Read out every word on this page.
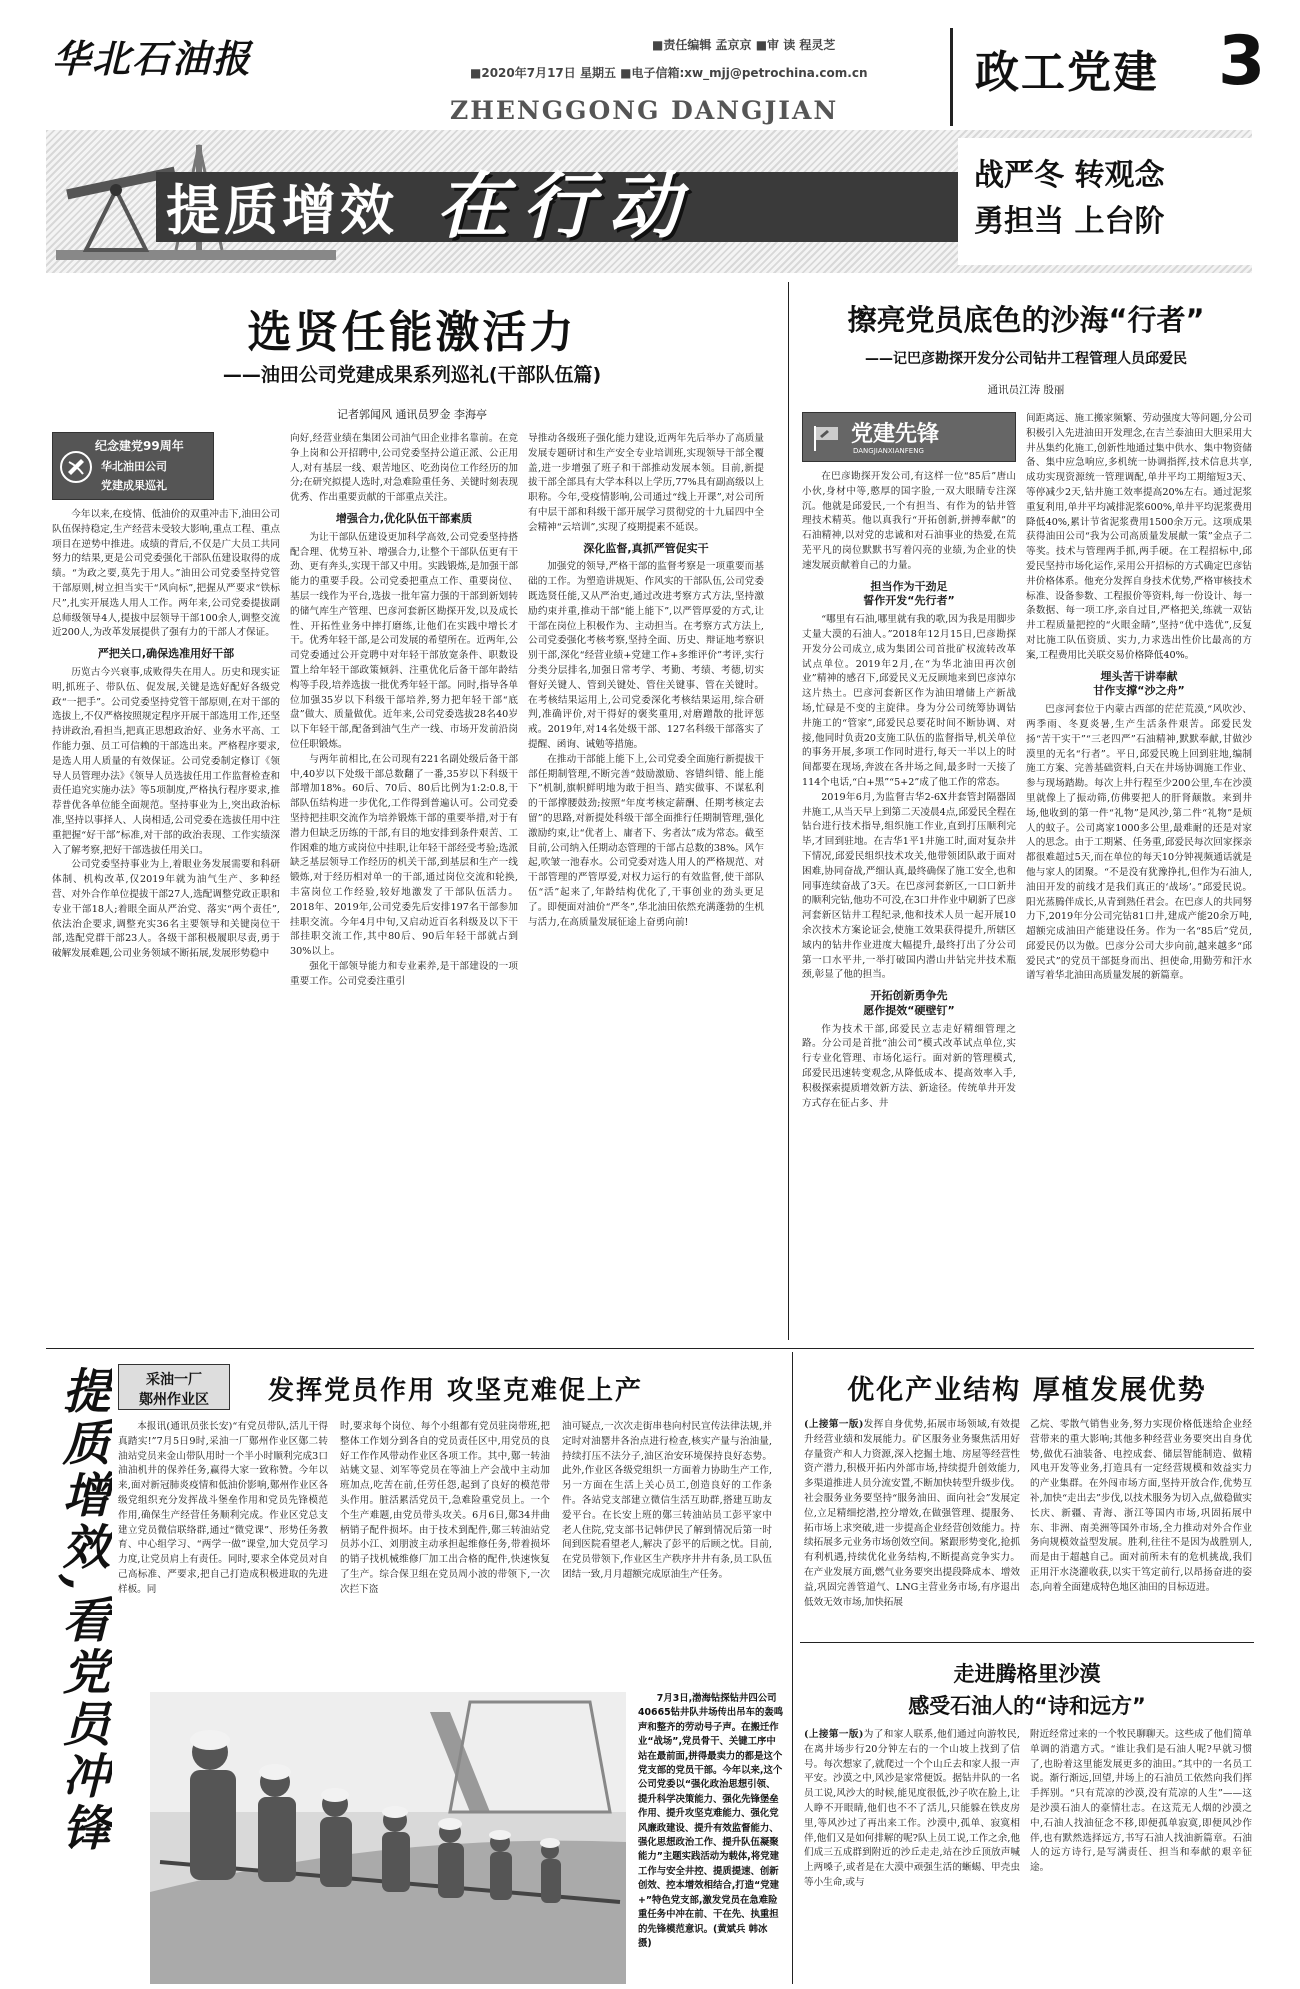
华北石油报	■责任编辑 孟京京 ■审 读 程灵芝
■2020年7月17日 星期五 ■电子信箱:xw_mjj@petrochina.com.cn
ZHENGGONG DANGJIAN
政工党建 3
提质增效 在行动	战严冬 转观念
勇担当 上台阶
选贤任能激活力
——油田公司党建成果系列巡礼(干部队伍篇)
记者郭闻风 通讯员罗金 李海亭
纪念建党99周年
华北油田公司
党建成果巡礼

今年以来,在疫情、低油价的双重冲击下,油田公司队伍保持稳定,生产经营未受较大影响,重点工程、重点项目在逆势中推进。成绩的背后,不仅是广大员工共同努力的结果,更是公司党委强化干部队伍建设取得的成绩。“为政之要,莫先于用人。”油田公司党委坚持党管干部原则,树立担当实干“风向标”,把握从严要求“铁标尺”,扎实开展选人用人工作。两年来,公司党委提拔副总师级领导4人,提拔中层领导干部100余人,调整交流近200人,为改革发展提供了强有力的干部人才保证。

严把关口,确保选准用好干部

历览古今兴衰事,成败得失在用人。历史和现实证明,抓班子、带队伍、促发展,关键是选好配好各级党政“一把手”。公司党委坚持党管干部原则,在对干部的选拔上,不仅严格按照规定程序开展干部选用工作,还坚持讲政治,看担当,把真正思想政治好、业务水平高、工作能力强、员工可信赖的干部选出来。严格程序要求,是选人用人质量的有效保证。公司党委制定修订《领导人员管理办法》《领导人员选拔任用工作监督检查和责任追究实施办法》等5项制度,严格执行程序要求,推荐普优各单位能全面规范。坚持事业为上,突出政治标准,坚持以事择人、人岗相适,公司党委在选拔任用中注重把握“好干部”标准,对干部的政治表现、工作实绩深入了解考察,把好干部选拔任用关口。

公司党委坚持事业为上,着眼业务发展需要和科研体制、机构改革,仅2019年就为油气生产、多种经营、对外合作单位提拔干部27人,选配调整党政正职和专业干部18人;着眼全面从严治党、落实“两个责任”,依法治企要求,调整充实36名主要领导和关键岗位干部,选配党群干部23人。各级干部积极履职尽责,勇于破解发展难题,公司业务领域不断拓展,发展形势稳中

向好,经营业绩在集团公司油气田企业排名靠前。在竞争上岗和公开招聘中,公司党委坚持公道正派、公正用人,对有基层一线、艰苦地区、吃劲岗位工作经历的加分;在研究拟提人选时,对急难险重任务、关键时刻表现优秀、作出重要贡献的干部重点关注。

增强合力,优化队伍干部素质

为让干部队伍建设更加科学高效,公司党委坚持搭配合理、优势互补、增强合力,让整个干部队伍更有干劲、更有奔头,实现干部又中用。实践锻炼,是加强干部能力的重要手段。公司党委把重点工作、重要岗位、基层一线作为平台,选拔一批年富力强的干部到新划转的储气库生产管理、巴彦河套新区勘探开发,以及成长性、开拓性业务中摔打磨练,让他们在实践中增长才干。优秀年轻干部,是公司发展的希望所在。近两年,公司党委通过公开竞聘中对年轻干部放宽条件、职数设置上给年轻干部政策倾斜、注重优化后备干部年龄结构等手段,培养选拔一批优秀年轻干部。同时,指导各单位加强35岁以下科级干部培养,努力把年轻干部“底盘”做大、质量做优。近年来,公司党委选拔28名40岁以下年轻干部,配备到油气生产一线、市场开发前沿岗位任职锻炼。

与两年前相比,在公司现有221名副处级后备干部中,40岁以下处级干部总数翻了一番,35岁以下科级干部增加18%。60后、70后、80后比例为1:2:0.8,干部队伍结构进一步优化,工作得到普遍认可。公司党委坚持把挂职交流作为培养锻炼干部的重要举措,对于有潜力但缺乏历练的干部,有目的地安排到条件艰苦、工作困难的地方或岗位中挂职,让年轻干部经受考验;选派缺乏基层领导工作经历的机关干部,到基层和生产一线锻炼,对于经历相对单一的干部,通过岗位交流和轮换,丰富岗位工作经验,较好地激发了干部队伍活力。2018年、2019年,公司党委先后安排197名干部参加挂职交流。今年4月中旬,又启动近百名科级及以下干部挂职交流工作,其中80后、90后年轻干部就占到30%以上。

强化干部领导能力和专业素养,是干部建设的一项重要工作。公司党委注重引

导推动各级班子强化能力建设,近两年先后举办了高质量发展专题研讨和生产安全专业培训班,实现领导干部全覆盖,进一步增强了班子和干部推动发展本领。目前,新提拔干部全部具有大学本科以上学历,77%具有副高级以上职称。今年,受疫情影响,公司通过“线上开课”,对公司所有中层干部和科级干部开展学习贯彻党的十九届四中全会精神“云培训”,实现了疫期提素不延误。

深化监督,真抓严管促实干

加强党的领导,严格干部的监督考察是一项重要而基础的工作。为塑造讲规矩、作风实的干部队伍,公司党委既选贤任能,又从严治吏,通过改进考察方式方法,坚持激励约束并重,推动干部“能上能下”,以严管厚爱的方式,让干部在岗位上积极作为、主动担当。在考察方式方法上,公司党委强化考核考察,坚持全面、历史、辩证地考察识别干部,深化“经营业绩+党建工作+多维评价”考评,实行分类分层排名,加强日常考学、考勤、考绩、考德,切实督好关键人、管到关键处、管住关键事、管在关键时。在考核结果运用上,公司党委深化考核结果运用,综合研判,准确评价,对干得好的褒奖重用,对磨蹭散的批评惩戒。2019年,对14名处级干部、127名科级干部落实了提醒、函询、诫勉等措施。

在推动干部能上能下上,公司党委全面施行新提拔干部任期制管理,不断完善“鼓励激励、容错纠错、能上能下”机制,旗帜鲜明地为敢于担当、踏实做事、不谋私利的干部撑腰鼓劲;按照“年度考核定薪酬、任期考核定去留”的思路,对新提处科级干部全面推行任期制管理,强化激励约束,让“优者上、庸者下、劣者汰”成为常态。截至目前,公司纳入任期动态管理的干部占总数的38%。风乍起,吹皱一池春水。公司党委对选人用人的严格规范、对干部管理的严管厚爱,对权力运行的有效监督,使干部队伍“活”起来了,年龄结构优化了,干事创业的劲头更足了。即便面对油价“严冬”,华北油田依然充满蓬勃的生机与活力,在高质量发展征途上奋勇向前!

擦亮党员底色的沙海“行者”
——记巴彦勘探开发分公司钻井工程管理人员邱爱民
通讯员江涛 殷丽
党建先锋
DANGJIANXIANFENG

在巴彦勘探开发公司,有这样一位“85后”唐山小伙,身材中等,憨厚的国字脸,一双大眼睛专注深沉。他就是邱爱民,一个有担当、有作为的钻井管理技术精英。他以真我行“开拓创新,拼搏奉献”的石油精神,以对党的忠诚和对石油事业的热爱,在荒芜平凡的岗位默默书写着闪亮的业绩,为企业的快速发展贡献着自己的力量。

担当作为干劲足
誓作开发“先行者”

“哪里有石油,哪里就有我的歌,因为我是用脚步丈量大漠的石油人。”2018年12月15日,巴彦勘探开发分公司成立,成为集团公司首批矿权流转改革试点单位。2019年2月,在“为华北油田再次创业”精神的感召下,邱爱民义无反顾地来到巴彦淖尔这片热土。巴彦河套新区作为油田增储上产新战场,忙碌是不变的主旋律。身为分公司统筹协调钻井施工的“管家”,邱爱民总要花时间不断协调、对接,他同时负责20支施工队伍的监督指导,机关单位的事务开展,多项工作同时进行,每天一半以上的时间都要在现场,奔波在各井场之间,最多时一天接了114个电话,“白+黑”“5+2”成了他工作的常态。

2019年6月,为监督吉华2-6X井套管封隔器固井施工,从当天早上到第二天凌晨4点,邱爱民全程在钻台进行技术指导,组织施工作业,直到打压顺利完毕,才回到驻地。在吉华1平1井施工时,面对复杂井下情况,邱爱民组织技术攻关,他带领团队敢于面对困难,协同奋战,严细认真,最终确保了施工安全,也和同事连续奋战了3天。在巴彦河套新区,一口口新井的顺利完钻,他功不可没,在3口井作业中刷新了巴彦河套新区钻井工程纪录,他和技术人员一起开展10余次技术方案论证会,使施工效果获得提升,所辖区域内的钻井作业进度大幅提升,最终打出了分公司第一口水平井,一举打破国内潜山井钻完井技术瓶颈,彰显了他的担当。

开拓创新勇争先
愿作提效“硬壁钉”

作为技术干部,邱爱民立志走好精细管理之路。分公司是首批“油公司”模式改革试点单位,实行专业化管理、市场化运行。面对新的管理模式,邱爱民迅速转变观念,从降低成本、提高效率入手,积极探索提质增效新方法、新途径。传统单井开发方式存在征占多、井

间距离远、施工搬家频繁、劳动强度大等问题,分公司积极引入先进油田开发理念,在吉兰泰油田大胆采用大井丛集约化施工,创新性地通过集中供水、集中物资储备、集中应急响应,多机统一协调指挥,技术信息共享,成功实现资源统一管理调配,单井平均工期缩短3天、等停减少2天,钻井施工效率提高20%左右。通过泥浆重复利用,单井平均减排泥浆600%,单井平均泥浆费用降低40%,累计节省泥浆费用1500余万元。这项成果获得油田公司“我为公司高质量发展献一策”金点子二等奖。技术与管理两手抓,两手硬。在工程招标中,邱爱民坚持市场化运作,采用公开招标的方式确定巴彦钻井价格体系。他充分发挥自身技术优势,严格审核技术标准、设备参数、工程报价等资料,每一份设计、每一条数据、每一项工序,亲自过目,严格把关,练就一双钻井工程质量把控的“火眼金睛”,坚持“优中选优”,反复对比施工队伍资质、实力,力求选出性价比最高的方案,工程费用比关联交易价格降低40%。

埋头苦干讲奉献
甘作支撑“沙之舟”

巴彦河套位于内蒙古西部的茫茫荒漠,“风吹沙、两季雨、冬夏炎暑,生产生活条件艰苦。邱爱民发扬“苦干实干”“三老四严”石油精神,默默奉献,甘做沙漠里的无名“行者”。平日,邱爱民晚上回到驻地,编制施工方案、完善基础资料,白天在井场协调施工作业、参与现场踏勘。每次上井行程至少200公里,车在沙漠里就像上了振动筛,仿佛要把人的肝肾颠散。来到井场,他收到的第一件“礼物”是风沙,第二件“礼物”是烦人的蚊子。公司离家1000多公里,最难耐的还是对家人的思念。由于工期紧、任务重,邱爱民每次回家探亲都很难超过5天,而在单位的每天10分钟视频通话就是他与家人的团聚。“不是没有犹豫挣扎,但作为石油人,油田开发的前线才是我们真正的‘战场’。”邱爱民说。阳光蒸腾伴成长,从青到熟任君会。在巴彦人的共同努力下,2019年分公司完钻81口井,建成产能20余万吨,超额完成油田产能建设任务。作为一名“85后”党员,邱爱民仍以为傲。巴彦分公司大步向前,越来越多“邱爱民式”的党员干部挺身而出、担使命,用勤劳和汗水谱写着华北油田高质量发展的新篇章。

提质增效,看党员冲锋	采油一厂
鄚州作业区	发挥党员作用 攻坚克难促上产

本报讯(通讯员张长安)“有党员带队,活儿干得真踏实!”7月5日9时,采油一厂鄚州作业区鄚二转油站党员来金山带队用时一个半小时顺利完成3口油油机井的保养任务,赢得大家一致称赞。今年以来,面对新冠肺炎疫情和低油价影响,鄚州作业区各级党组织充分发挥战斗堡垒作用和党员先锋模范作用,确保生产经营任务顺利完成。作业区党总支建立党员微信联络群,通过“微党课”、形势任务教育、中心组学习、“两学一做”课堂,加大党员学习力度,让党员肩上有责任。同时,要求全体党员对自己高标准、严要求,把自己打造成积极进取的先进样板。同

时,要求每个岗位、每个小组都有党员驻岗带班,把整体工作划分到各自的党员责任区中,用党员的良好工作作风带动作业区各项工作。其中,鄚一转油站姚文显、刘军等党员在等油上产会战中主动加班加点,吃苦在前,任劳任怨,起到了良好的模范带头作用。脏活累活党员干,急难险重党员上。一个个生产难题,由党员带头攻关。6月6日,鄚34井曲柄销子配件损坏。由于技术到配件,鄚三转油站党员苏小江、刘朋波主动承担起维修任务,带着损坏的销子找机械维修厂加工出合格的配件,快速恢复了生产。综合保卫组在党员周小波的带领下,一次次拦下盗

油可疑点,一次次走街串巷向村民宣传法律法规,并定时对油罂井各治点进行检查,核实产量与治油量,持续打压不法分子,油区治安环境保持良好态势。此外,作业区各级党组织一方面着力协助生产工作,另一方面在生活上关心员工,创造良好的工作条件。各站党支部建立微信生活互助群,搭建互助友爱平台。在长安上班的鄚三转油站员工彭平家中老人住院,党支部书记韩伊民了解到情况后第一时间到医院看望老人,解决了彭平的后顾之忧。目前,在党员带领下,作业区生产秩序井井有条,员工队伍团结一致,月月超额完成原油生产任务。

7月3日,渤海钻探钻井四公司40665钻井队井场传出吊车的轰鸣声和整齐的劳动号子声。在搬迁作业“战场”,党员骨干、关键工序中站在最前面,拼得最卖力的都是这个党支部的党员干部。今年以来,这个公司党委以“强化政治思想引领、提升科学决策能力、强化先锋堡垒作用、提升攻坚克难能力、强化党风廉政建设、提升有效监督能力、强化思想政治工作、提升队伍凝聚能力”主题实践活动为载体,将党建工作与安全井控、提质提速、创新创效、控本增效相结合,打造“党建+”特色党支部,激发党员在急难险重任务中冲在前、干在先、执重担的先锋模范意识。(黄斌兵 韩冰 摄)
优化产业结构 厚植发展优势

(上接第一版)发挥自身优势,拓展市场领域,有效提升经营业绩和发展能力。矿区服务业务聚焦活用好存量资产和人力资源,深入挖掘土地、房屋等经营性资产潜力,积极开拓内外部市场,持续提升创效能力,多渠道推进人员分流安置,不断加快转型升级步伐。社会服务业务要坚持“服务油田、面向社会”发展定位,立足精细挖潜,控分增效,在做强管理、提服务、拓市场上求突破,进一步提高企业经营创效能力。持续拓展多元业务市场创效空间。紧跟形势变化,抢抓有利机遇,持续优化业务结构,不断提高竞争实力。在产业发展方面,燃气业务要突出提段降成本、增效益,巩固完善管道气、LNG主营业务市场,有序退出低效无效市场,加快拓展

乙烷、零散气销售业务,努力实现价格低迷给企业经营带来的重大影响;其他多种经营业务要突出自身优势,做优石油装备、电控成套、储层智能制造、做精风电开发等业务,打造具有一定经营规模和效益实力的产业集群。在外闯市场方面,坚持开放合作,优势互补,加快“走出去”步伐,以技术服务为切入点,做稳做实长庆、新疆、青海、浙江等国内市场,巩固拓展中东、非洲、南美洲等国外市场,全力推动对外合作业务向规模效益型发展。胜利,往往不是因为战胜别人,而是由于超越自己。面对前所未有的危机挑战,我们正用汗水浇灌收获,以实干笃定前行,以昂扬奋进的姿态,向着全面建成特色地区油田的目标迈进。

走进腾格里沙漠
感受石油人的“诗和远方”

(上接第一版)为了和家人联系,他们通过向游牧民,在离井场步行20分钟左右的一个山坡上找到了信号。每次想家了,就爬过一个个山丘去和家人报一声平安。沙漠之中,风沙是家常便饭。据钻井队的一名员工说,风沙大的时候,能见度很低,沙子吹在脸上,让人睁不开眼睛,他们也不不了活儿,只能躲在铁皮房里,等风沙过了再出来工作。沙漠中,孤单、寂寞相伴,他们又是如何排解的呢?队上员工说,工作之余,他们成三五成群到附近的沙丘走走,站在沙丘顶放声喊上两嗓子,或者是在大漠中顽强生活的蜥蜴、甲壳虫等小生命,或与

附近经常过来的一个牧民聊聊天。这些成了他们简单单调的消遣方式。“谁让我们是石油人呢?早就习惯了,也盼着这里能发展更多的油田。”其中的一名员工说。渐行渐远,回望,井场上的石油员工依然向我们挥手挥别。“只有荒凉的沙漠,没有荒凉的人生”——这是沙漠石油人的豪情壮志。在这荒无人烟的沙漠之中,石油人找油征念不移,即便孤单寂寞,即便风沙作伴,也有默然选择远方,书写石油人找油新篇章。石油人的远方诗行,是写满责任、担当和奉献的艰辛征途。
